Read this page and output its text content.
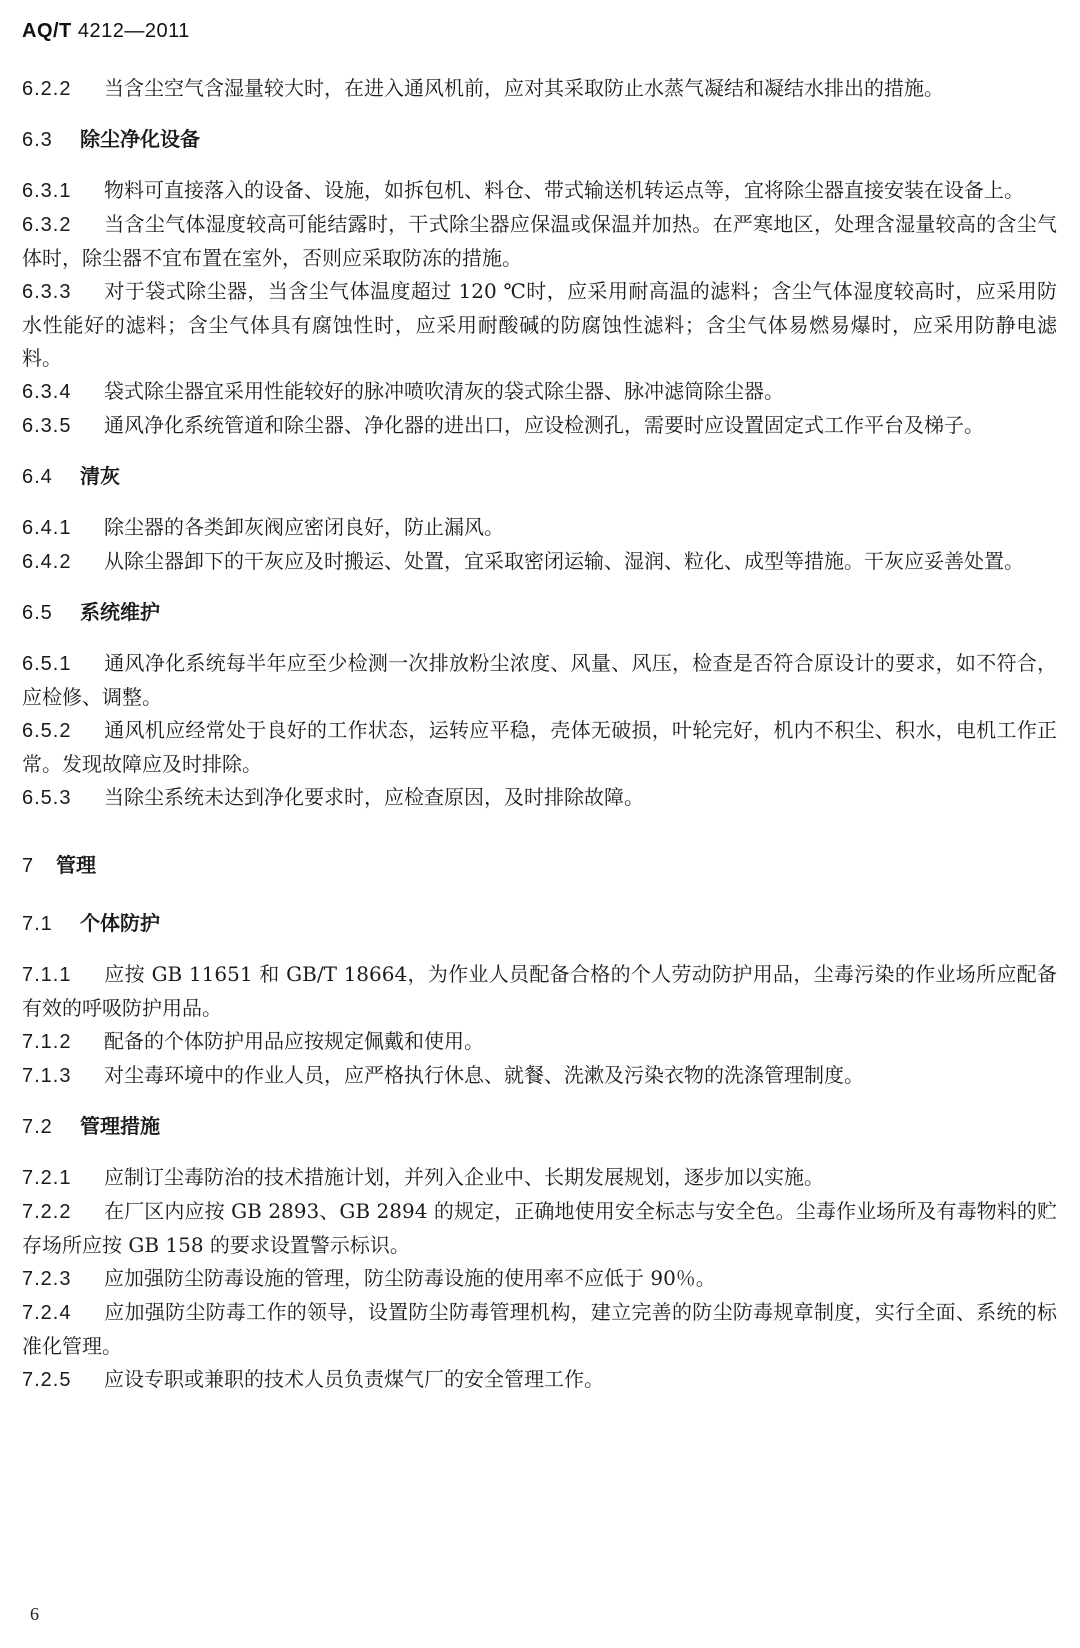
AQ/T 4212—2011

6.2.2 当含尘空气含湿量较大时，在进入通风机前，应对其采取防止水蒸气凝结和凝结水排出的措施。

6.3 除尘净化设备

6.3.1 物料可直接落入的设备、设施，如拆包机、料仓、带式输送机转运点等，宜将除尘器直接安装在设备上。

6.3.2 当含尘气体湿度较高可能结露时，干式除尘器应保温或保温并加热。在严寒地区，处理含湿量较高的含尘气体时，除尘器不宜布置在室外，否则应采取防冻的措施。

6.3.3 对于袋式除尘器，当含尘气体温度超过 120 ℃时，应采用耐高温的滤料；含尘气体湿度较高时，应采用防水性能好的滤料；含尘气体具有腐蚀性时，应采用耐酸碱的防腐蚀性滤料；含尘气体易燃易爆时，应采用防静电滤料。

6.3.4 袋式除尘器宜采用性能较好的脉冲喷吹清灰的袋式除尘器、脉冲滤筒除尘器。

6.3.5 通风净化系统管道和除尘器、净化器的进出口，应设检测孔，需要时应设置固定式工作平台及梯子。

6.4 清灰

6.4.1 除尘器的各类卸灰阀应密闭良好，防止漏风。

6.4.2 从除尘器卸下的干灰应及时搬运、处置，宜采取密闭运输、湿润、粒化、成型等措施。干灰应妥善处置。

6.5 系统维护

6.5.1 通风净化系统每半年应至少检测一次排放粉尘浓度、风量、风压，检查是否符合原设计的要求，如不符合，应检修、调整。

6.5.2 通风机应经常处于良好的工作状态，运转应平稳，壳体无破损，叶轮完好，机内不积尘、积水，电机工作正常。发现故障应及时排除。

6.5.3 当除尘系统未达到净化要求时，应检查原因，及时排除故障。

7 管理
7.1 个体防护

7.1.1 应按 GB 11651 和 GB/T 18664，为作业人员配备合格的个人劳动防护用品，尘毒污染的作业场所应配备有效的呼吸防护用品。

7.1.2 配备的个体防护用品应按规定佩戴和使用。

7.1.3 对尘毒环境中的作业人员，应严格执行休息、就餐、洗漱及污染衣物的洗涤管理制度。

7.2 管理措施

7.2.1 应制订尘毒防治的技术措施计划，并列入企业中、长期发展规划，逐步加以实施。

7.2.2 在厂区内应按 GB 2893、GB 2894 的规定，正确地使用安全标志与安全色。尘毒作业场所及有毒物料的贮存场所应按 GB 158 的要求设置警示标识。

7.2.3 应加强防尘防毒设施的管理，防尘防毒设施的使用率不应低于 90％。

7.2.4 应加强防尘防毒工作的领导，设置防尘防毒管理机构，建立完善的防尘防毒规章制度，实行全面、系统的标准化管理。

7.2.5 应设专职或兼职的技术人员负责煤气厂的安全管理工作。

6
